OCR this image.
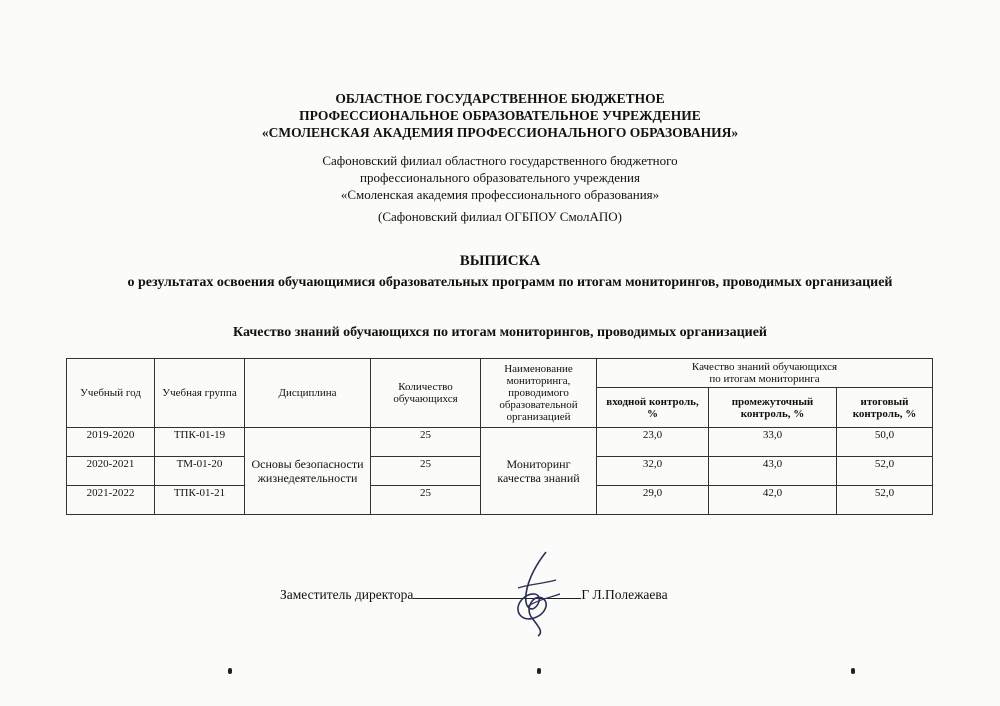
ОБЛАСТНОЕ ГОСУДАРСТВЕННОЕ БЮДЖЕТНОЕ
ПРОФЕССИОНАЛЬНОЕ ОБРАЗОВАТЕЛЬНОЕ УЧРЕЖДЕНИЕ
«СМОЛЕНСКАЯ АКАДЕМИЯ ПРОФЕССИОНАЛЬНОГО ОБРАЗОВАНИЯ»
Сафоновский филиал областного государственного бюджетного
профессионального образовательного учреждения
«Смоленская академия профессионального образования»
(Сафоновский филиал ОГБПОУ СмолАПО)
ВЫПИСКА
о результатах освоения обучающимися образовательных программ по итогам мониторингов, проводимых организацией
Качество знаний обучающихся по итогам мониторингов, проводимых организацией
Учебный год	Учебная группа	Дисциплина	Количество обучающихся	Наименование мониторинга, проводимого образовательной организацией	Качество знаний обучающихся
по итогам мониторинга		

					входной контроль, %	промежуточный контроль, %	итоговый контроль, %
2019-2020	ТПК-01-19	Основы безопасности жизнедеятельности	25	Мониторинг качества знаний	23,0	33,0	50,0
2020-2021	ТМ-01-20		25		32,0	43,0	52,0
2021-2022	ТПК-01-21		25		29,0	42,0	52,0
Заместитель директора	Г Л.Полежаева
